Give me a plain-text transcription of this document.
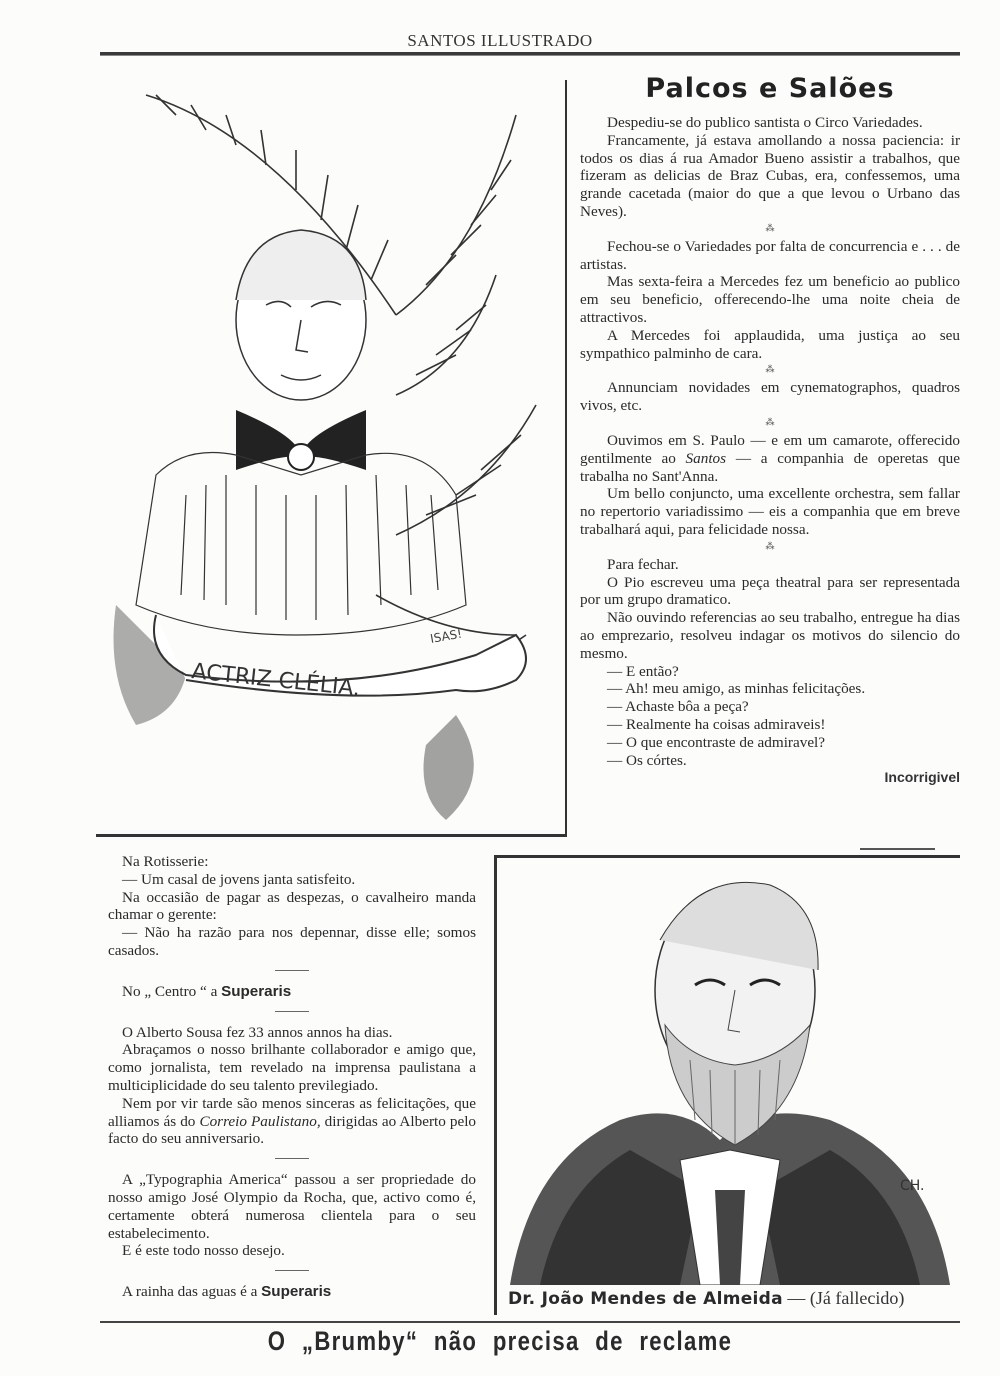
SANTOS ILLUSTRADO
ACTRIZ CLÉLIA.
ISAS!
Palcos e Salões

Despediu-se do publico santista o Circo Variedades.

Francamente, já estava amollando a nossa paciencia: ir todos os dias á rua Amador Bueno assistir a trabalhos, que fizeram as delicias de Braz Cubas, era, confessemos, uma grande cacetada (maior do que a que levou o Urbano das Neves).

⁂

Fechou-se o Variedades por falta de concurrencia e . . . de artistas.

Mas sexta-feira a Mercedes fez um beneficio ao publico em seu beneficio, offerecendo-lhe uma noite cheia de attractivos.

A Mercedes foi applaudida, uma justiça ao seu sympathico palminho de cara.

⁂

Annunciam novidades em cynematographos, quadros vivos, etc.

⁂

Ouvimos em S. Paulo — e em um camarote, offerecido gentilmente ao Santos — a companhia de operetas que trabalha no Sant'Anna.

Um bello conjuncto, uma excellente orchestra, sem fallar no repertorio variadissimo — eis a companhia que em breve trabalhará aqui, para felicidade nossa.

⁂

Para fechar.

O Pio escreveu uma peça theatral para ser representada por um grupo dramatico.

Não ouvindo referencias ao seu trabalho, entregue ha dias ao emprezario, resolveu indagar os motivos do silencio do mesmo.

— E então?

— Ah! meu amigo, as minhas felicitações.

— Achaste bôa a peça?

— Realmente ha coisas admiraveis!

— O que encontraste de admiravel?

— Os córtes.

Incorrigivel

Na Rotisserie:

— Um casal de jovens janta satisfeito.

Na occasião de pagar as despezas, o cavalheiro manda chamar o gerente:

— Não ha razão para nos depennar, disse elle; somos casados.

No „ Centro “ a Superaris

O Alberto Sousa fez 33 annos annos ha dias.

Abraçamos o nosso brilhante collaborador e amigo que, como jornalista, tem revelado na imprensa paulistana a multiciplicidade do seu talento previlegiado.

Nem por vir tarde são menos sinceras as felicitações, que alliamos ás do Correio Paulistano, dirigidas ao Alberto pelo facto do seu anniversario.

A „Typographia America“ passou a ser propriedade do nosso amigo José Olympio da Rocha, que, activo como é, certamente obterá numerosa clientela para o seu estabelecimento.

E é este todo nosso desejo.

A rainha das aguas é a Superaris

CH.
Dr. João Mendes de Almeida — (Já fallecido)
O „Brumby“ não precisa de reclame
